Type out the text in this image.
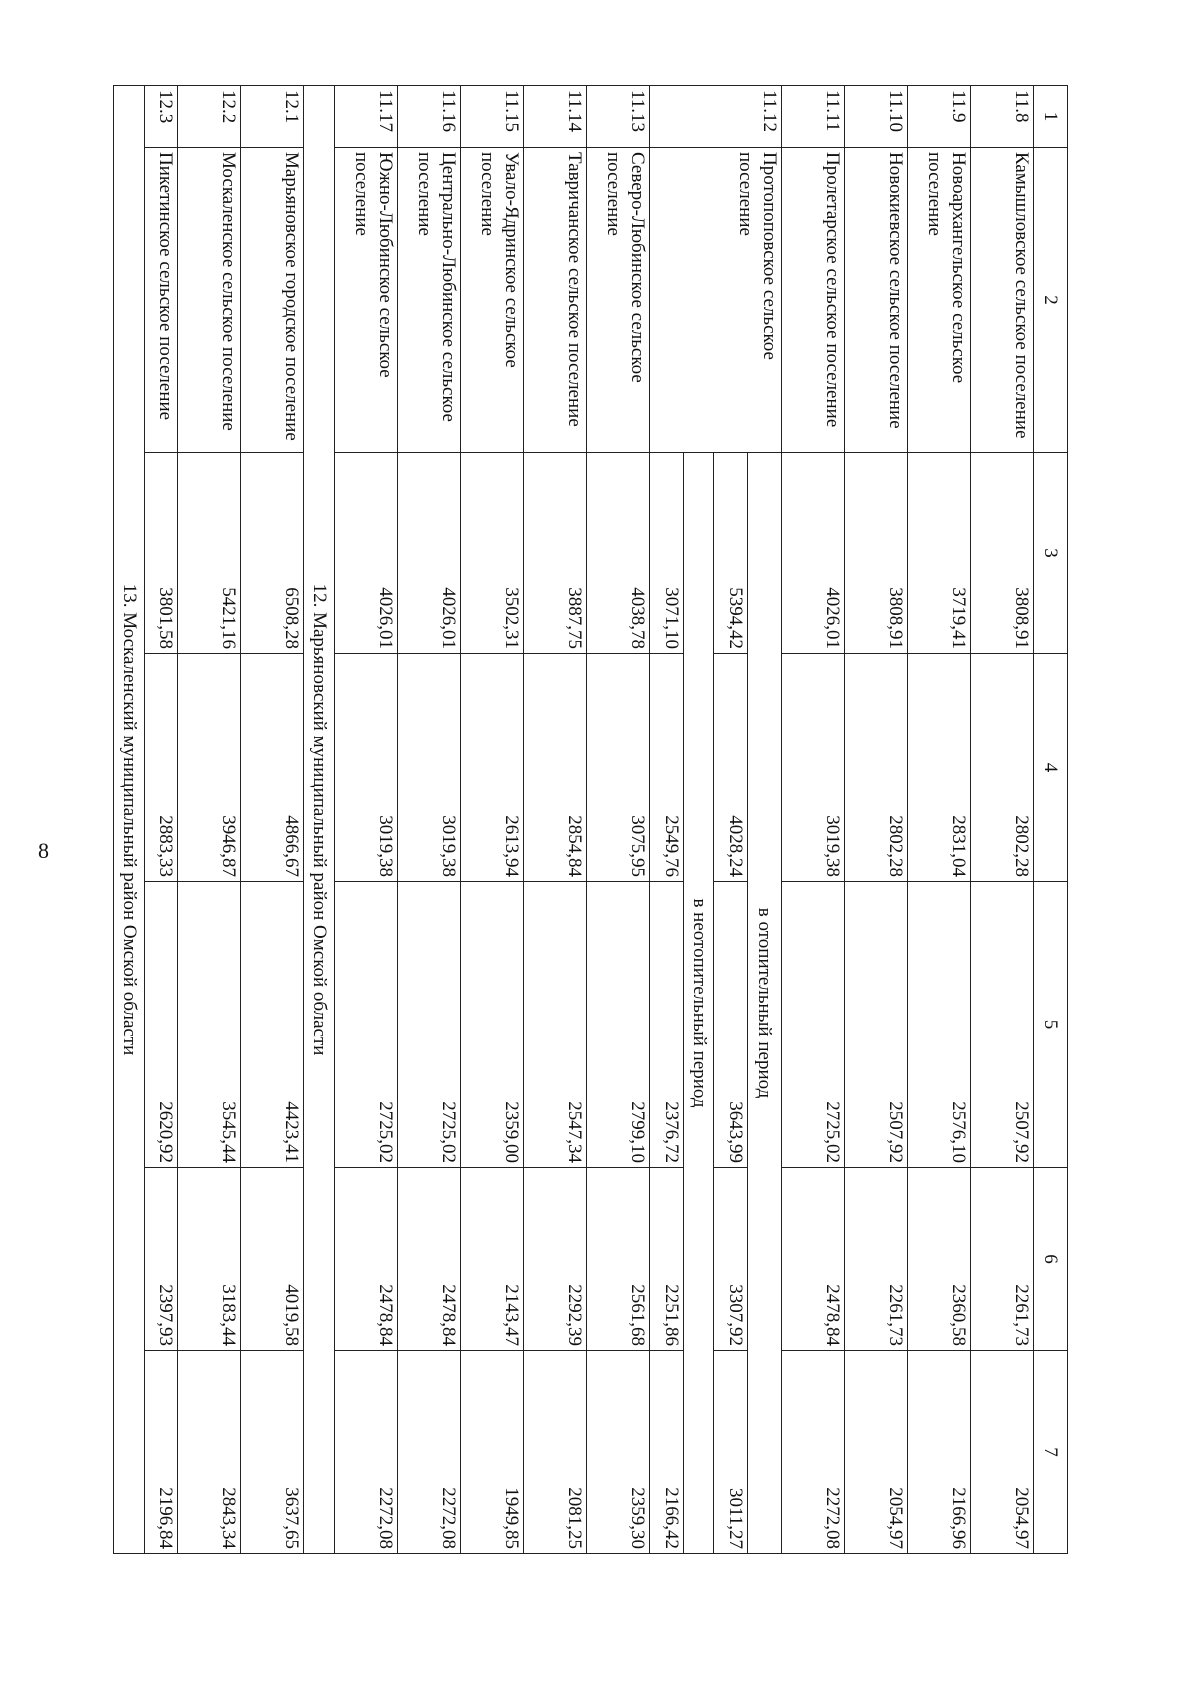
8
1	2	3	4	5	6	7
11.8	Камышловское сельское поселение	3808,91	2802,28	2507,92	2261,73	2054,97
11.9	Новоархангельское сельское поселение	3719,41	2831,04	2576,10	2360,58	2166,96
11.10	Новокиевское сельское поселение	3808,91	2802,28	2507,92	2261,73	2054,97
11.11	Пролетарское сельское поселение	4026,01	3019,38	2725,02	2478,84	2272,08
11.12	Протопоповское сельское поселение	в отопительный период				
		5394,42	4028,24	3643,99	3307,92	3011,27
		в неотопительный период				
		3071,10	2549,76	2376,72	2251,86	2166,42
11.13	Северо-Любинское сельское поселение	4038,78	3075,95	2799,10	2561,68	2359,30
11.14	Тавричанское сельское поселение	3887,75	2854,84	2547,34	2292,39	2081,25
11.15	Увало-Ядринское сельское поселение	3502,31	2613,94	2359,00	2143,47	1949,85
11.16	Центрально-Любинское сельское поселение	4026,01	3019,38	2725,02	2478,84	2272,08
11.17	Южно-Любинское сельское поселение	4026,01	3019,38	2725,02	2478,84	2272,08
12. Марьяновский муниципальный район Омской области						
12.1	Марьяновское городское поселение	6508,28	4866,67	4423,41	4019,58	3637,65
12.2	Москаленское сельское поселение	5421,16	3946,87	3545,44	3183,44	2843,34
12.3	Пикетинское сельское поселение	3801,58	2883,33	2620,92	2397,93	2196,84
13. Москаленский муниципальный район Омской области						
